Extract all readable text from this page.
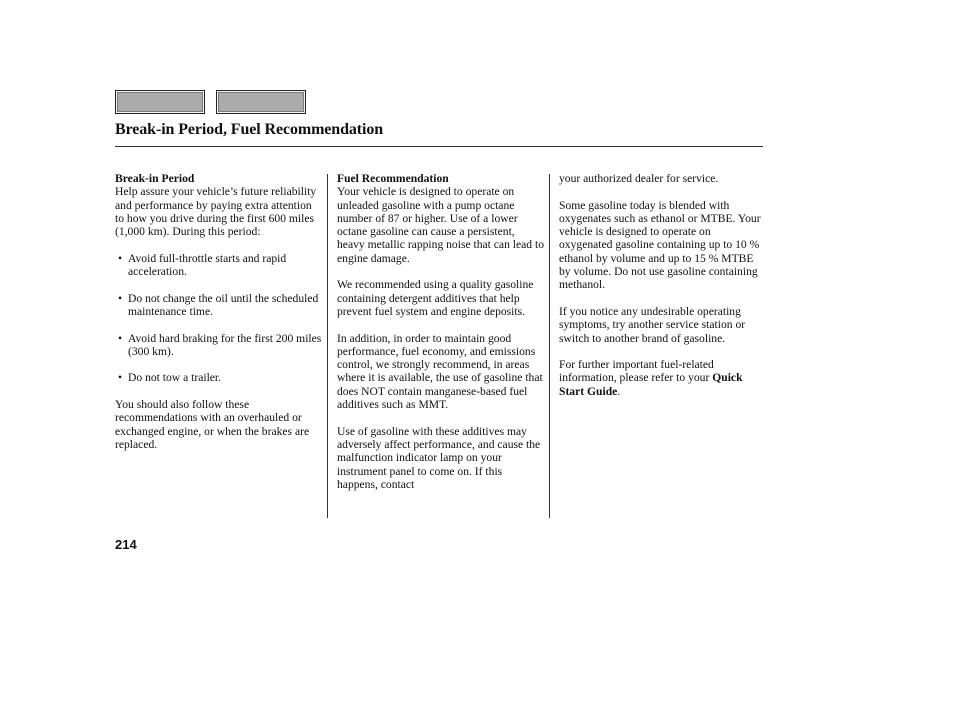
Break-in Period, Fuel Recommendation
Break-in Period

Help assure your vehicle’s future reliability and performance by paying extra attention to how you drive during the first 600 miles (1,000 km). During this period:

• Avoid full-throttle starts and rapid acceleration.
• Do not change the oil until the scheduled maintenance time.
• Avoid hard braking for the first 200 miles (300 km).
• Do not tow a trailer.

You should also follow these recommendations with an overhauled or exchanged engine, or when the brakes are replaced.

Fuel Recommendation

Your vehicle is designed to operate on unleaded gasoline with a pump octane number of 87 or higher. Use of a lower octane gasoline can cause a persistent, heavy metallic rapping noise that can lead to engine damage.

We recommended using a quality gasoline containing detergent additives that help prevent fuel system and engine deposits.

In addition, in order to maintain good performance, fuel economy, and emissions control, we strongly recommend, in areas where it is available, the use of gasoline that does NOT contain manganese-based fuel additives such as MMT.

Use of gasoline with these additives may adversely affect performance, and cause the malfunction indicator lamp on your instrument panel to come on. If this happens, contact

your authorized dealer for service.

Some gasoline today is blended with oxygenates such as ethanol or MTBE. Your vehicle is designed to operate on oxygenated gasoline containing up to 10 % ethanol by volume and up to 15 % MTBE by volume. Do not use gasoline containing methanol.

If you notice any undesirable operating symptoms, try another service station or switch to another brand of gasoline.

For further important fuel-related information, please refer to your Quick Start Guide.

214
